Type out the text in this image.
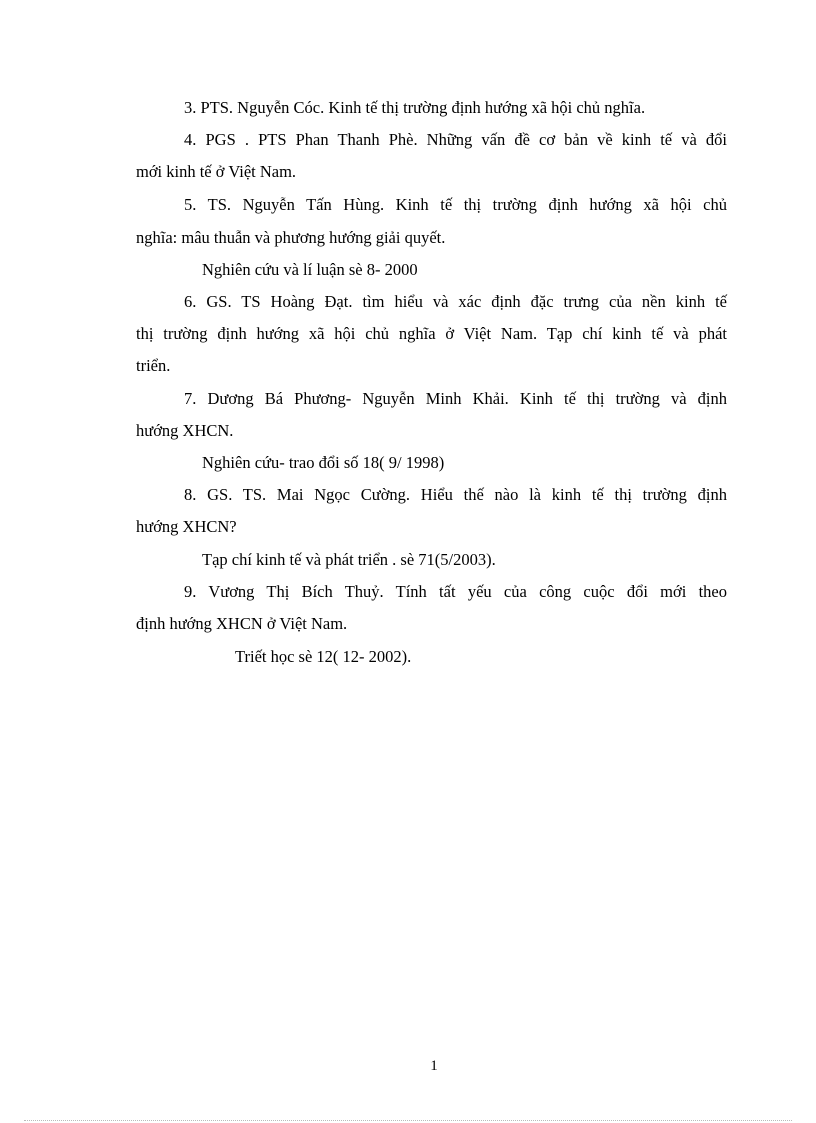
3. PTS. Nguyễn Cóc. Kinh tế thị trường định hướng xã hội chủ nghĩa.
4. PGS . PTS Phan Thanh Phè. Những vấn đề cơ bản về kinh tế và đổi
mới kinh tế ở Việt Nam.
5. TS. Nguyễn Tấn Hùng. Kinh tế thị trường định hướng xã hội chủ
nghĩa: mâu thuẫn và phương hướng giải quyết.
Nghiên cứu và lí luận sè 8- 2000
6. GS. TS Hoàng Đạt. tìm hiểu và xác định đặc trưng của nền kinh tế
thị trường định hướng xã hội chủ nghĩa ở Việt Nam. Tạp chí kinh tế và phát
triển.
7. Dương Bá Phương- Nguyễn Minh Khải. Kinh tế thị trường và định
hướng XHCN.
Nghiên cứu- trao đổi số 18( 9/ 1998)
8. GS. TS. Mai Ngọc Cường. Hiểu thế nào là kinh tế thị trường định
hướng XHCN?
Tạp chí kinh tế và phát triển . sè 71(5/2003).
9. Vương Thị Bích Thuỷ. Tính tất yếu của công cuộc đổi mới theo
định hướng XHCN ở Việt Nam.
Triết học sè 12( 12- 2002).
1
